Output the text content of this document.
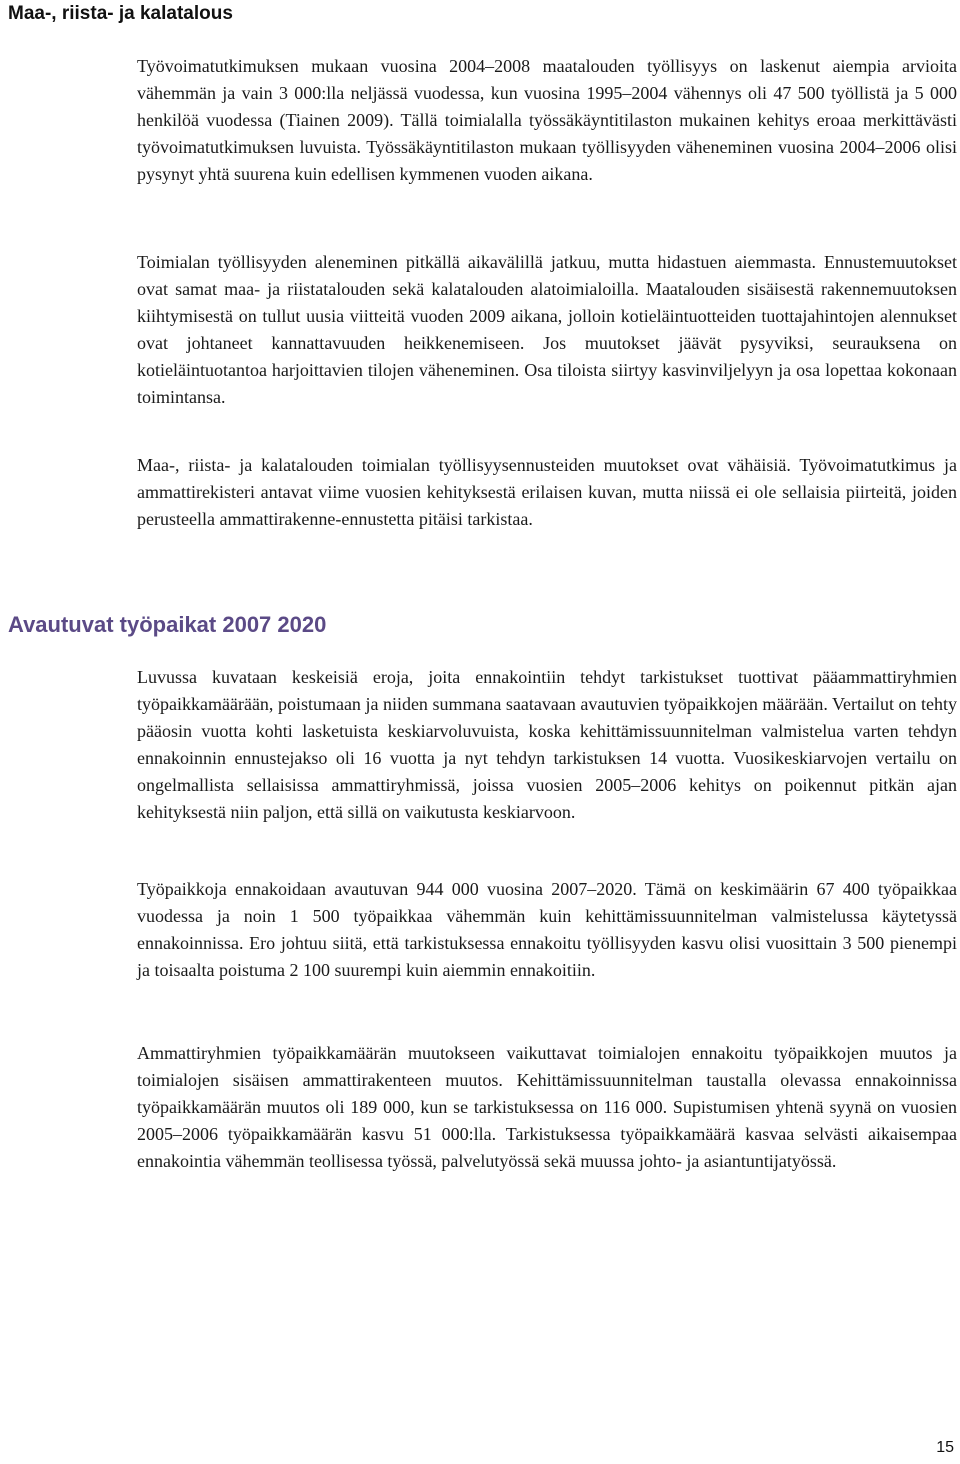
Maa-, riista- ja kalatalous

Työvoimatutkimuksen mukaan vuosina 2004–2008 maatalouden työllisyys on laskenut aiempia arvioita vähemmän ja vain 3 000:lla neljässä vuodessa, kun vuosina 1995–2004 vähennys oli 47 500 työllistä ja 5 000 henkilöä vuodessa (Tiainen 2009). Tällä toimialalla työssäkäyntitilaston mukainen kehitys eroaa merkittävästi työvoimatutkimuksen luvuista. Työssäkäyntitilaston mukaan työllisyyden väheneminen vuosina 2004–2006 olisi pysynyt yhtä suurena kuin edellisen kymmenen vuoden aikana.

Toimialan työllisyyden aleneminen pitkällä aikavälillä jatkuu, mutta hidastuen aiemmasta. Ennustemuutokset ovat samat maa- ja riistatalouden sekä kalatalouden alatoimialoilla. Maatalouden sisäisestä rakennemuutoksen kiihtymisestä on tullut uusia viitteitä vuoden 2009 aikana, jolloin kotieläintuotteiden tuottajahintojen alennukset ovat johtaneet kannattavuuden heikkenemiseen. Jos muutokset jäävät pysyviksi, seurauksena on kotieläintuotantoa harjoittavien tilojen väheneminen. Osa tiloista siirtyy kasvinviljelyyn ja osa lopettaa kokonaan toimintansa.

Maa-, riista- ja kalatalouden toimialan työllisyysennusteiden muutokset ovat vähäisiä. Työvoimatutkimus ja ammattirekisteri antavat viime vuosien kehityksestä erilaisen kuvan, mutta niissä ei ole sellaisia piirteitä, joiden perusteella ammattirakenne-ennustetta pitäisi tarkistaa.

Avautuvat työpaikat 2007 2020

Luvussa kuvataan keskeisiä eroja, joita ennakointiin tehdyt tarkistukset tuottivat pääammattiryhmien työpaikkamäärään, poistumaan ja niiden summana saatavaan avautuvien työpaikkojen määrään. Vertailut on tehty pääosin vuotta kohti lasketuista keskiarvoluvuista, koska kehittämissuunnitelman valmistelua varten tehdyn ennakoinnin ennustejakso oli 16 vuotta ja nyt tehdyn tarkistuksen 14 vuotta. Vuosikeskiarvojen vertailu on ongelmallista sellaisissa ammattiryhmissä, joissa vuosien 2005–2006 kehitys on poikennut pitkän ajan kehityksestä niin paljon, että sillä on vaikutusta keskiarvoon.

Työpaikkoja ennakoidaan avautuvan 944 000 vuosina 2007–2020. Tämä on keskimäärin 67 400 työpaikkaa vuodessa ja noin 1 500 työpaikkaa vähemmän kuin kehittämissuunnitelman valmistelussa käytetyssä ennakoinnissa. Ero johtuu siitä, että tarkistuksessa ennakoitu työllisyyden kasvu olisi vuosittain 3 500 pienempi ja toisaalta poistuma 2 100 suurempi kuin aiemmin ennakoitiin.

Ammattiryhmien työpaikkamäärän muutokseen vaikuttavat toimialojen ennakoitu työpaikkojen muutos ja toimialojen sisäisen ammattirakenteen muutos. Kehittämissuunnitelman taustalla olevassa ennakoinnissa työpaikkamäärän muutos oli 189 000, kun se tarkistuksessa on 116 000. Supistumisen yhtenä syynä on vuosien 2005–2006 työpaikkamäärän kasvu 51 000:lla. Tarkistuksessa työpaikkamäärä kasvaa selvästi aikaisempaa ennakointia vähemmän teollisessa työssä, palvelutyössä sekä muussa johto- ja asiantuntijatyössä.

15
